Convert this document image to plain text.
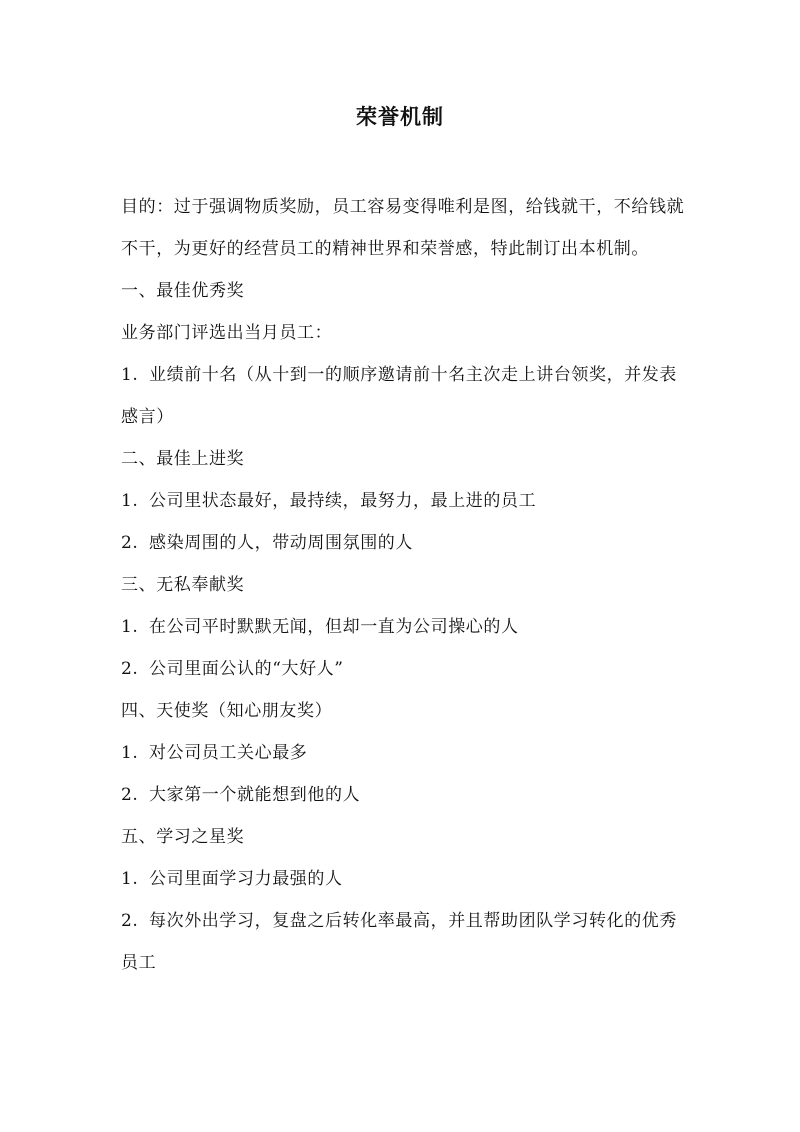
荣誉机制

目的：过于强调物质奖励，员工容易变得唯利是图，给钱就干，不给钱就不干，为更好的经营员工的精神世界和荣誉感，特此制订出本机制。

一、最佳优秀奖

业务部门评选出当月员工：

1. 业绩前十名（从十到一的顺序邀请前十名主次走上讲台领奖，并发表感言）

二、最佳上进奖

1. 公司里状态最好，最持续，最努力，最上进的员工

2. 感染周围的人，带动周围氛围的人

三、无私奉献奖

1. 在公司平时默默无闻，但却一直为公司操心的人

2. 公司里面公认的“大好人”

四、天使奖（知心朋友奖）

1. 对公司员工关心最多

2. 大家第一个就能想到他的人

五、学习之星奖

1. 公司里面学习力最强的人

2. 每次外出学习，复盘之后转化率最高，并且帮助团队学习转化的优秀员工
